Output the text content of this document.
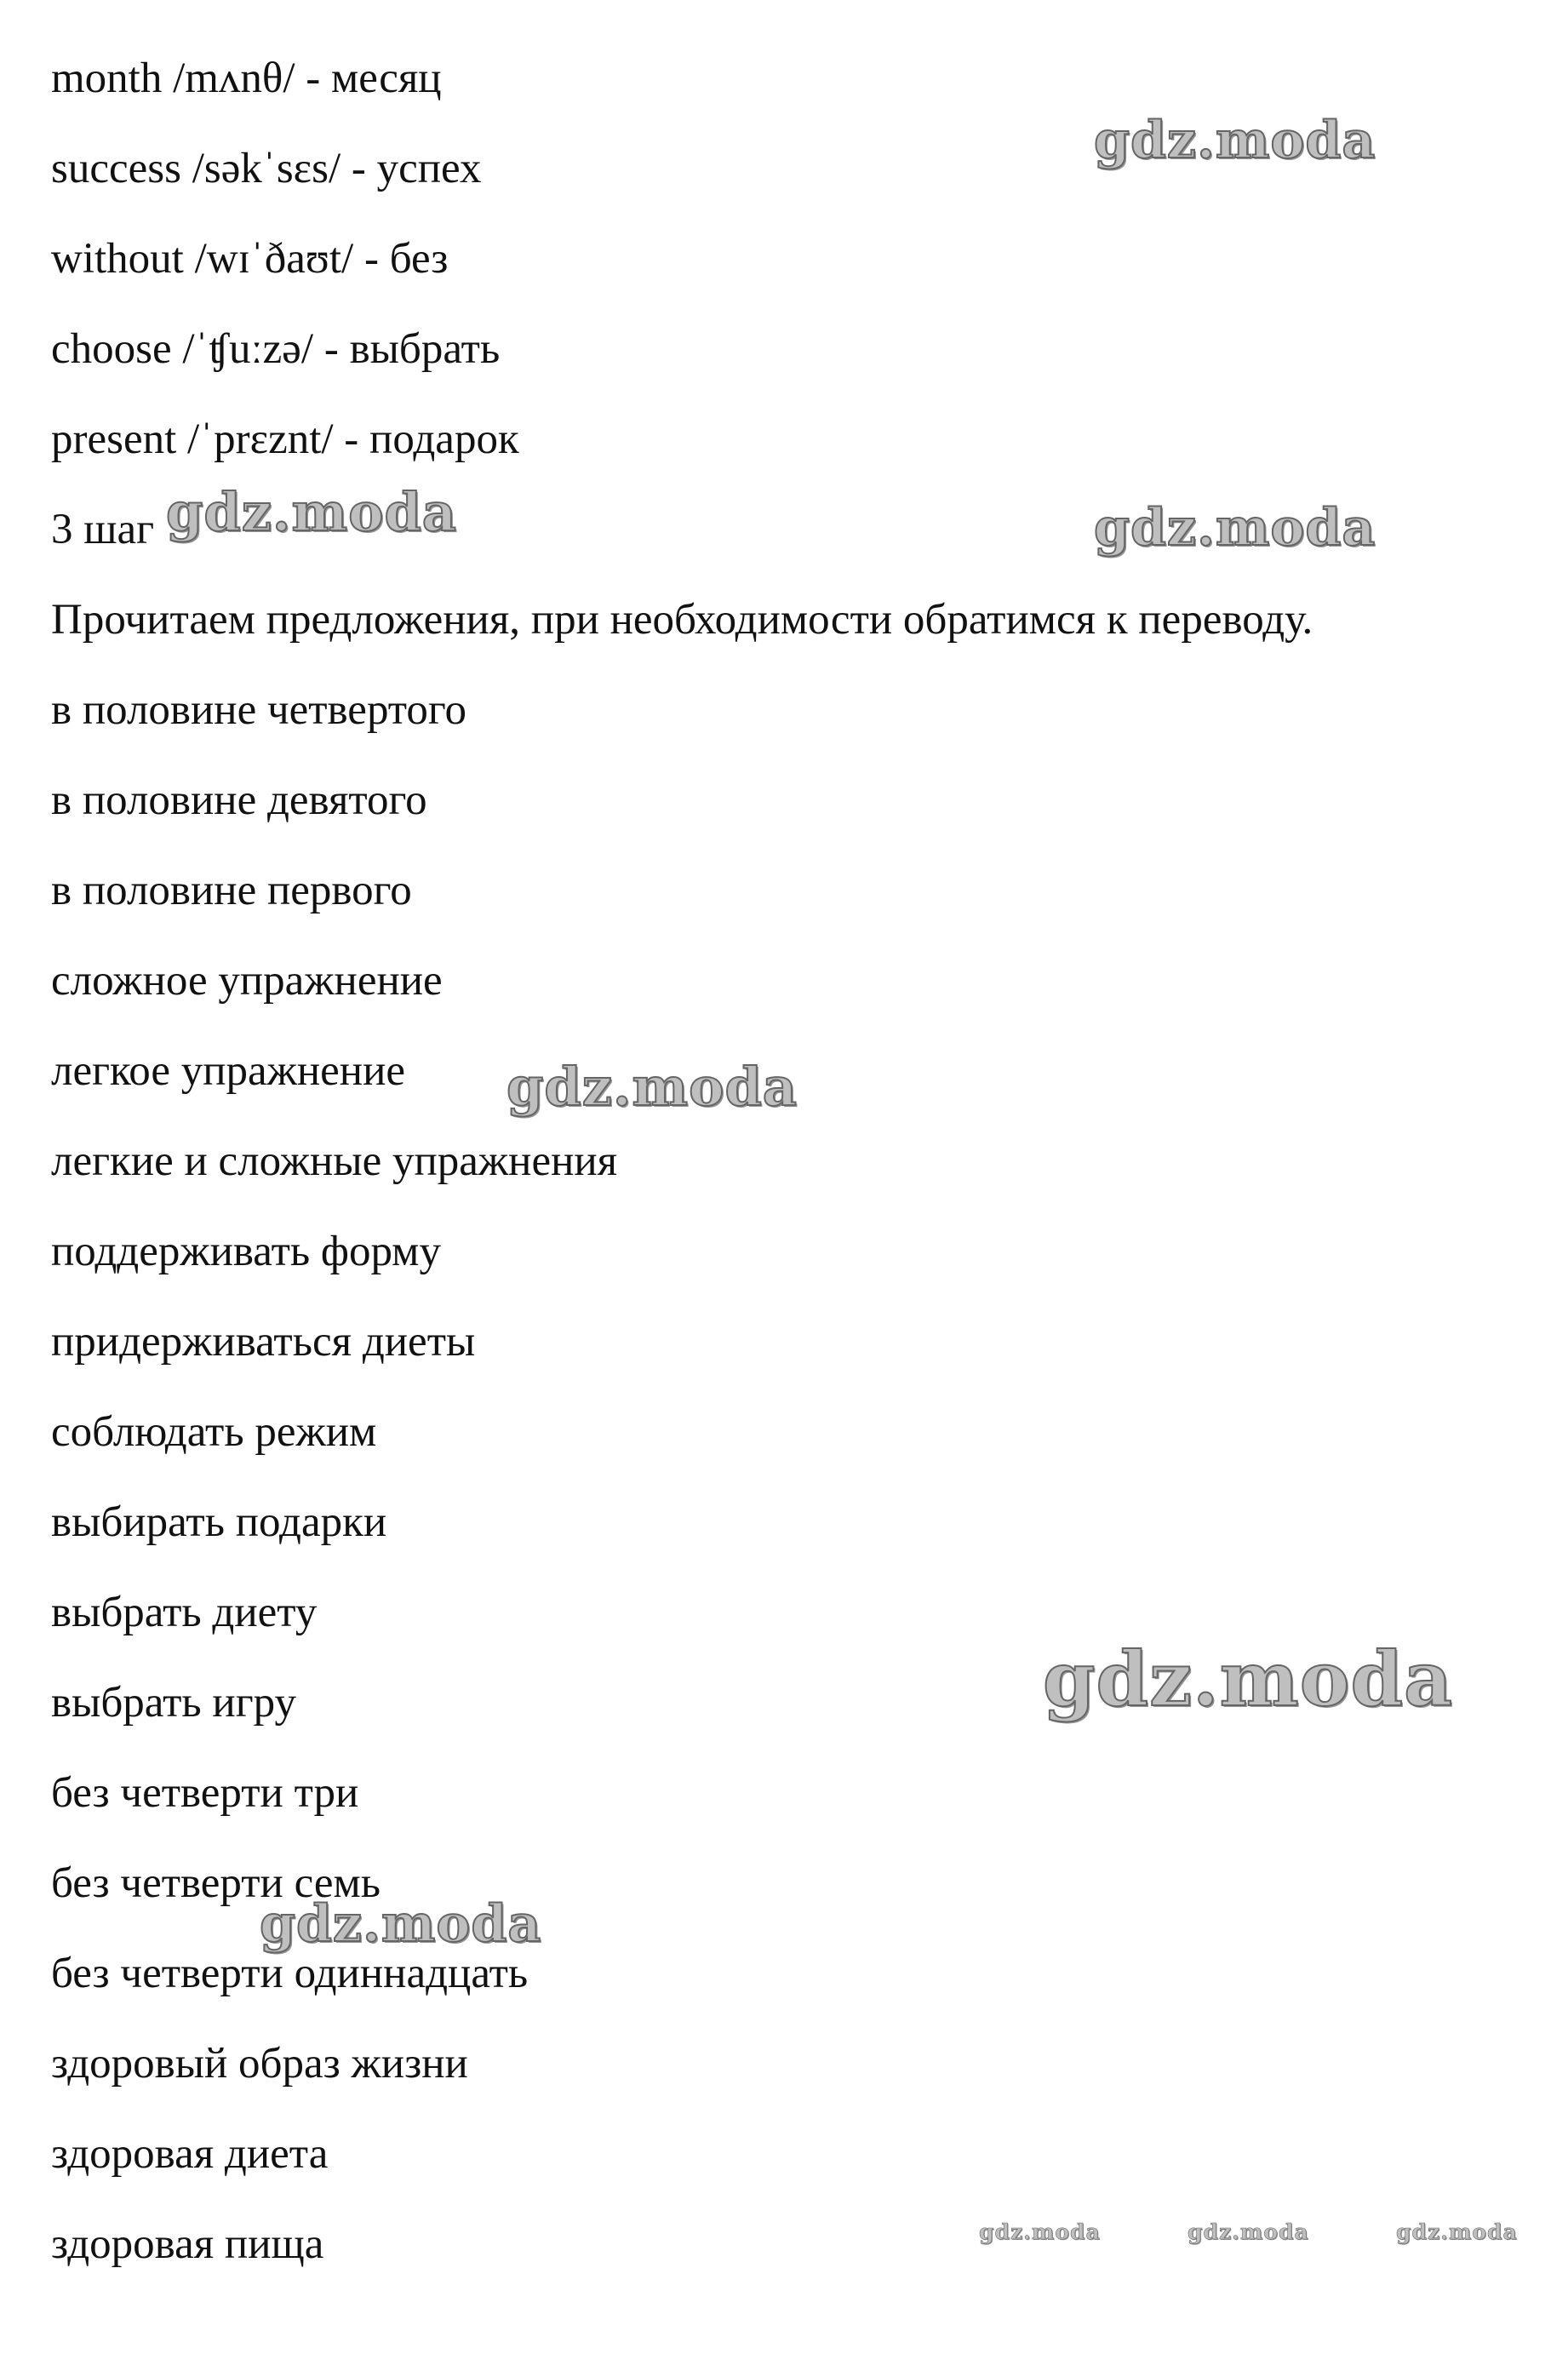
month /mʌnθ/ - месяц
success /səkˈsɛs/ - успех
without /wɪˈðaʊt/ - без
choose /ˈʧuːzə/ - выбрать
present /ˈprɛznt/ - подарок
3 шаг
Прочитаем предложения, при необходимости обратимся к переводу.
в половине четвертого
в половине девятого
в половине первого
сложное упражнение
легкое упражнение
легкие и сложные упражнения
поддерживать форму
придерживаться диеты
соблюдать режим
выбирать подарки
выбрать диету
выбрать игру
без четверти три
без четверти семь
без четверти одиннадцать
здоровый образ жизни
здоровая диета
здоровая пища
gdz.moda
gdz.moda	gdz.moda
gdz.moda
gdz.moda
gdz.moda
gdz.moda	gdz.moda	gdz.moda
